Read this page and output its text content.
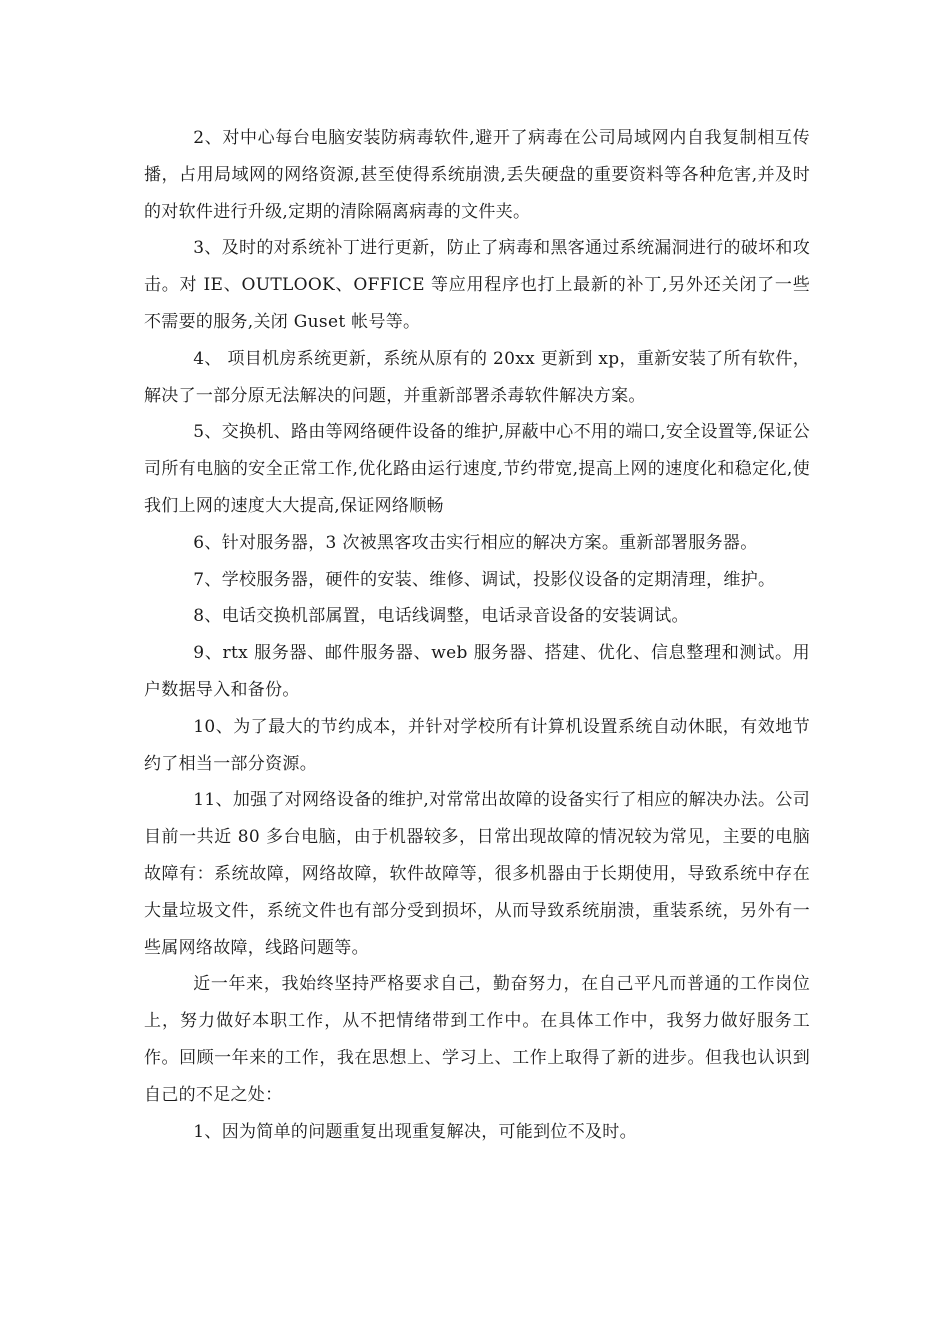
2、对中心每台电脑安装防病毒软件,避开了病毒在公司局域网内自我复制相互传播，占用局域网的网络资源,甚至使得系统崩溃,丢失硬盘的重要资料等各种危害,并及时的对软件进行升级,定期的清除隔离病毒的文件夹。

3、及时的对系统补丁进行更新，防止了病毒和黑客通过系统漏洞进行的破坏和攻击。对 IE、OUTLOOK、OFFICE 等应用程序也打上最新的补丁,另外还关闭了一些不需要的服务,关闭 Guset 帐号等。

4、 项目机房系统更新，系统从原有的 20xx 更新到 xp，重新安装了所有软件，解决了一部分原无法解决的问题，并重新部署杀毒软件解决方案。

5、交换机、路由等网络硬件设备的维护,屏蔽中心不用的端口,安全设置等,保证公司所有电脑的安全正常工作,优化路由运行速度,节约带宽,提高上网的速度化和稳定化,使我们上网的速度大大提高,保证网络顺畅

6、针对服务器，3 次被黑客攻击实行相应的解决方案。重新部署服务器。

7、学校服务器，硬件的安装、维修、调试，投影仪设备的定期清理，维护。

8、电话交换机部属置，电话线调整，电话录音设备的安装调试。

9、rtx 服务器、邮件服务器、web 服务器、搭建、优化、信息整理和测试。用户数据导入和备份。

10、为了最大的节约成本，并针对学校所有计算机设置系统自动休眠，有效地节约了相当一部分资源。

11、加强了对网络设备的维护,对常常出故障的设备实行了相应的解决办法。公司目前一共近 80 多台电脑，由于机器较多，日常出现故障的情况较为常见，主要的电脑故障有：系统故障，网络故障，软件故障等，很多机器由于长期使用，导致系统中存在大量垃圾文件，系统文件也有部分受到损坏，从而导致系统崩溃，重装系统，另外有一些属网络故障，线路问题等。

近一年来，我始终坚持严格要求自己，勤奋努力，在自己平凡而普通的工作岗位上，努力做好本职工作，从不把情绪带到工作中。在具体工作中，我努力做好服务工作。回顾一年来的工作，我在思想上、学习上、工作上取得了新的进步。但我也认识到自己的不足之处：

1、因为简单的问题重复出现重复解决，可能到位不及时。
